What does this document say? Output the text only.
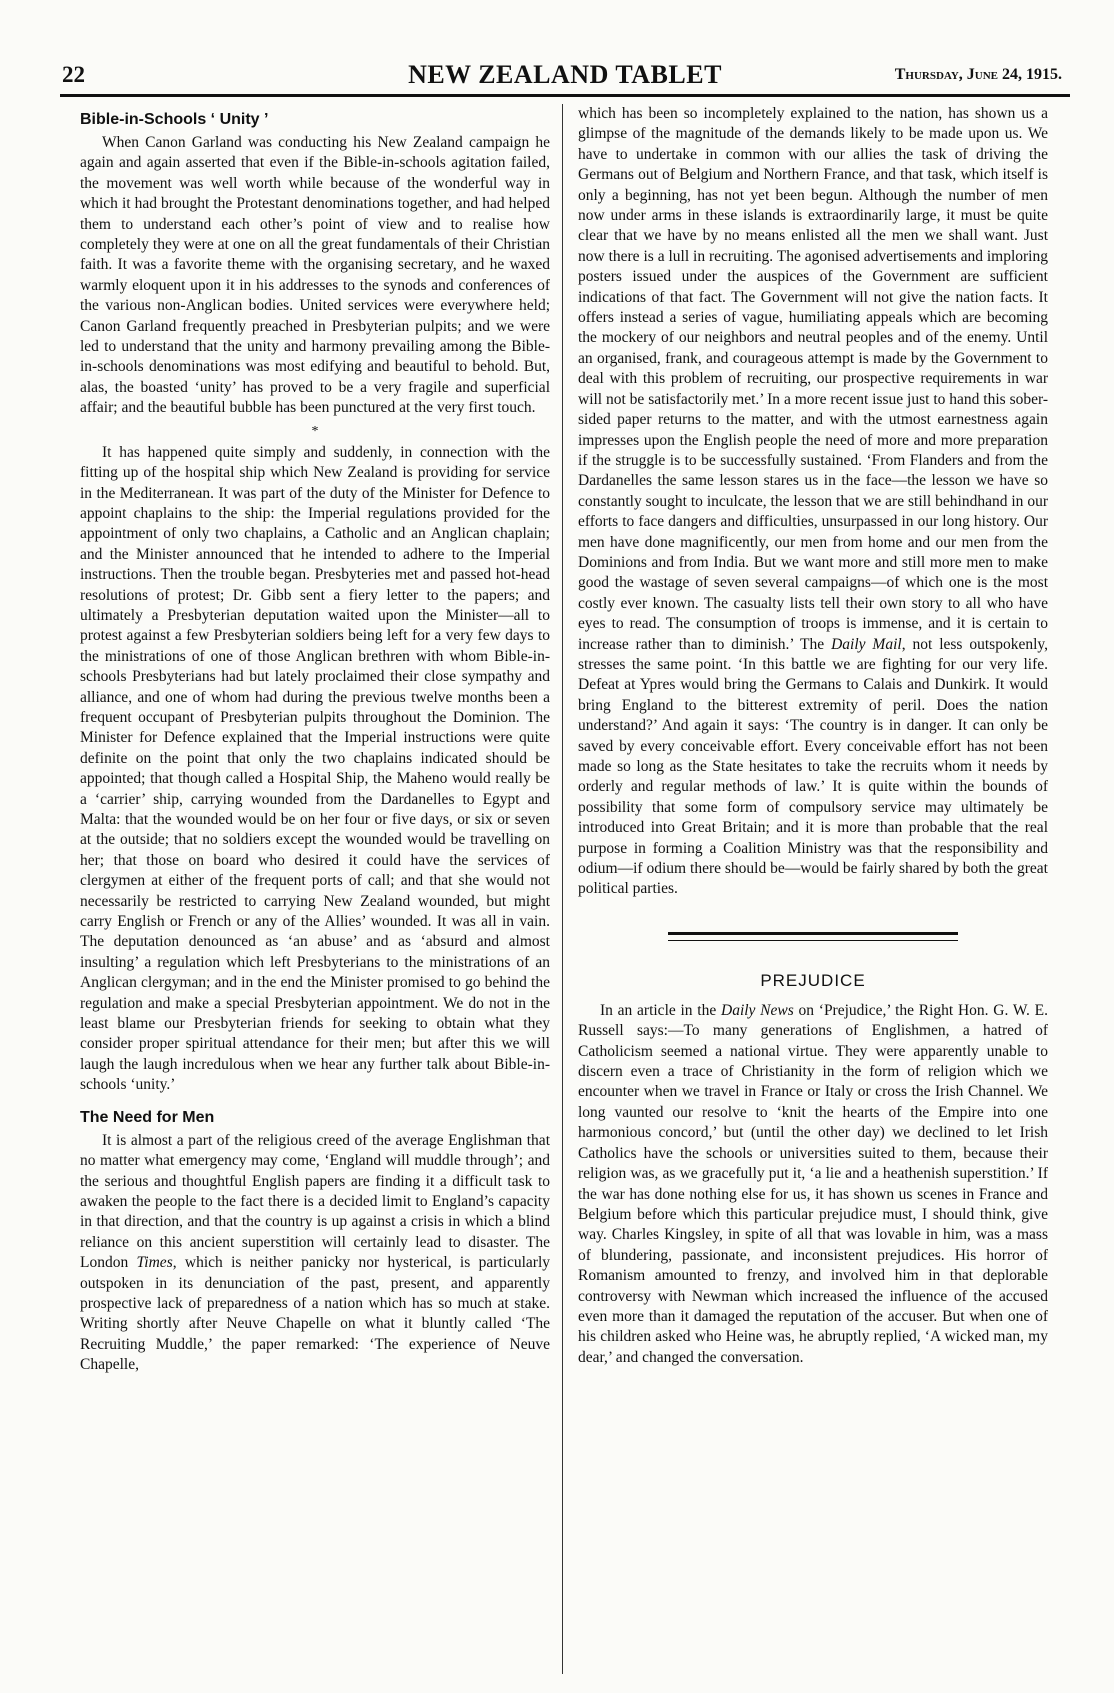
22	NEW ZEALAND TABLET	Thursday, June 24, 1915.
Bible-in-Schools ‘ Unity ’

When Canon Garland was conducting his New Zealand campaign he again and again asserted that even if the Bible-in-schools agitation failed, the movement was well worth while because of the wonderful way in which it had brought the Protestant denominations together, and had helped them to understand each other’s point of view and to realise how completely they were at one on all the great fundamentals of their Christian faith. It was a favorite theme with the organising secretary, and he waxed warmly eloquent upon it in his addresses to the synods and conferences of the various non-Anglican bodies. United services were everywhere held; Canon Garland frequently preached in Presbyterian pulpits; and we were led to understand that the unity and harmony prevailing among the Bible-in-schools denominations was most edifying and beautiful to behold. But, alas, the boasted ‘unity’ has proved to be a very fragile and superficial affair; and the beautiful bubble has been punctured at the very first touch.

*

It has happened quite simply and suddenly, in connection with the fitting up of the hospital ship which New Zealand is providing for service in the Mediterranean. It was part of the duty of the Minister for Defence to appoint chaplains to the ship: the Imperial regulations provided for the appointment of only two chaplains, a Catholic and an Anglican chaplain; and the Minister announced that he intended to adhere to the Imperial instructions. Then the trouble began. Presbyteries met and passed hot-head resolutions of protest; Dr. Gibb sent a fiery letter to the papers; and ultimately a Presbyterian deputation waited upon the Minister—all to protest against a few Presbyterian soldiers being left for a very few days to the ministrations of one of those Anglican brethren with whom Bible-in-schools Presbyterians had but lately proclaimed their close sympathy and alliance, and one of whom had during the previous twelve months been a frequent occupant of Presbyterian pulpits throughout the Dominion. The Minister for Defence explained that the Imperial instructions were quite definite on the point that only the two chaplains indicated should be appointed; that though called a Hospital Ship, the Maheno would really be a ‘carrier’ ship, carrying wounded from the Dardanelles to Egypt and Malta: that the wounded would be on her four or five days, or six or seven at the outside; that no soldiers except the wounded would be travelling on her; that those on board who desired it could have the services of clergymen at either of the frequent ports of call; and that she would not necessarily be restricted to carrying New Zealand wounded, but might carry English or French or any of the Allies’ wounded. It was all in vain. The deputation denounced as ‘an abuse’ and as ‘absurd and almost insulting’ a regulation which left Presbyterians to the ministrations of an Anglican clergyman; and in the end the Minister promised to go behind the regulation and make a special Presbyterian appointment. We do not in the least blame our Presbyterian friends for seeking to obtain what they consider proper spiritual attendance for their men; but after this we will laugh the laugh incredulous when we hear any further talk about Bible-in-schools ‘unity.’

The Need for Men

It is almost a part of the religious creed of the average Englishman that no matter what emergency may come, ‘England will muddle through’; and the serious and thoughtful English papers are finding it a difficult task to awaken the people to the fact there is a decided limit to England’s capacity in that direction, and that the country is up against a crisis in which a blind reliance on this ancient superstition will certainly lead to disaster. The London Times, which is neither panicky nor hysterical, is particularly outspoken in its denunciation of the past, present, and apparently prospective lack of preparedness of a nation which has so much at stake. Writing shortly after Neuve Chapelle on what it bluntly called ‘The Recruiting Muddle,’ the paper remarked: ‘The experience of Neuve Chapelle,

which has been so incompletely explained to the nation, has shown us a glimpse of the magnitude of the demands likely to be made upon us. We have to undertake in common with our allies the task of driving the Germans out of Belgium and Northern France, and that task, which itself is only a beginning, has not yet been begun. Although the number of men now under arms in these islands is extraordinarily large, it must be quite clear that we have by no means enlisted all the men we shall want. Just now there is a lull in recruiting. The agonised advertisements and imploring posters issued under the auspices of the Government are sufficient indications of that fact. The Government will not give the nation facts. It offers instead a series of vague, humiliating appeals which are becoming the mockery of our neighbors and neutral peoples and of the enemy. Until an organised, frank, and courageous attempt is made by the Government to deal with this problem of recruiting, our prospective requirements in war will not be satisfactorily met.’ In a more recent issue just to hand this sober-sided paper returns to the matter, and with the utmost earnestness again impresses upon the English people the need of more and more preparation if the struggle is to be successfully sustained. ‘From Flanders and from the Dardanelles the same lesson stares us in the face—the lesson we have so constantly sought to inculcate, the lesson that we are still behindhand in our efforts to face dangers and difficulties, unsurpassed in our long history. Our men have done magnificently, our men from home and our men from the Dominions and from India. But we want more and still more men to make good the wastage of seven several campaigns—of which one is the most costly ever known. The casualty lists tell their own story to all who have eyes to read. The consumption of troops is immense, and it is certain to increase rather than to diminish.’ The Daily Mail, not less outspokenly, stresses the same point. ‘In this battle we are fighting for our very life. Defeat at Ypres would bring the Germans to Calais and Dunkirk. It would bring England to the bitterest extremity of peril. Does the nation understand?’ And again it says: ‘The country is in danger. It can only be saved by every conceivable effort. Every conceivable effort has not been made so long as the State hesitates to take the recruits whom it needs by orderly and regular methods of law.’ It is quite within the bounds of possibility that some form of compulsory service may ultimately be introduced into Great Britain; and it is more than probable that the real purpose in forming a Coalition Ministry was that the responsibility and odium—if odium there should be—would be fairly shared by both the great political parties.

PREJUDICE

In an article in the Daily News on ‘Prejudice,’ the Right Hon. G. W. E. Russell says:—To many generations of Englishmen, a hatred of Catholicism seemed a national virtue. They were apparently unable to discern even a trace of Christianity in the form of religion which we encounter when we travel in France or Italy or cross the Irish Channel. We long vaunted our resolve to ‘knit the hearts of the Empire into one harmonious concord,’ but (until the other day) we declined to let Irish Catholics have the schools or universities suited to them, because their religion was, as we gracefully put it, ‘a lie and a heathenish superstition.’ If the war has done nothing else for us, it has shown us scenes in France and Belgium before which this particular prejudice must, I should think, give way. Charles Kingsley, in spite of all that was lovable in him, was a mass of blundering, passionate, and inconsistent prejudices. His horror of Romanism amounted to frenzy, and involved him in that deplorable controversy with Newman which increased the influence of the accused even more than it damaged the reputation of the accuser. But when one of his children asked who Heine was, he abruptly replied, ‘A wicked man, my dear,’ and changed the conversation.
